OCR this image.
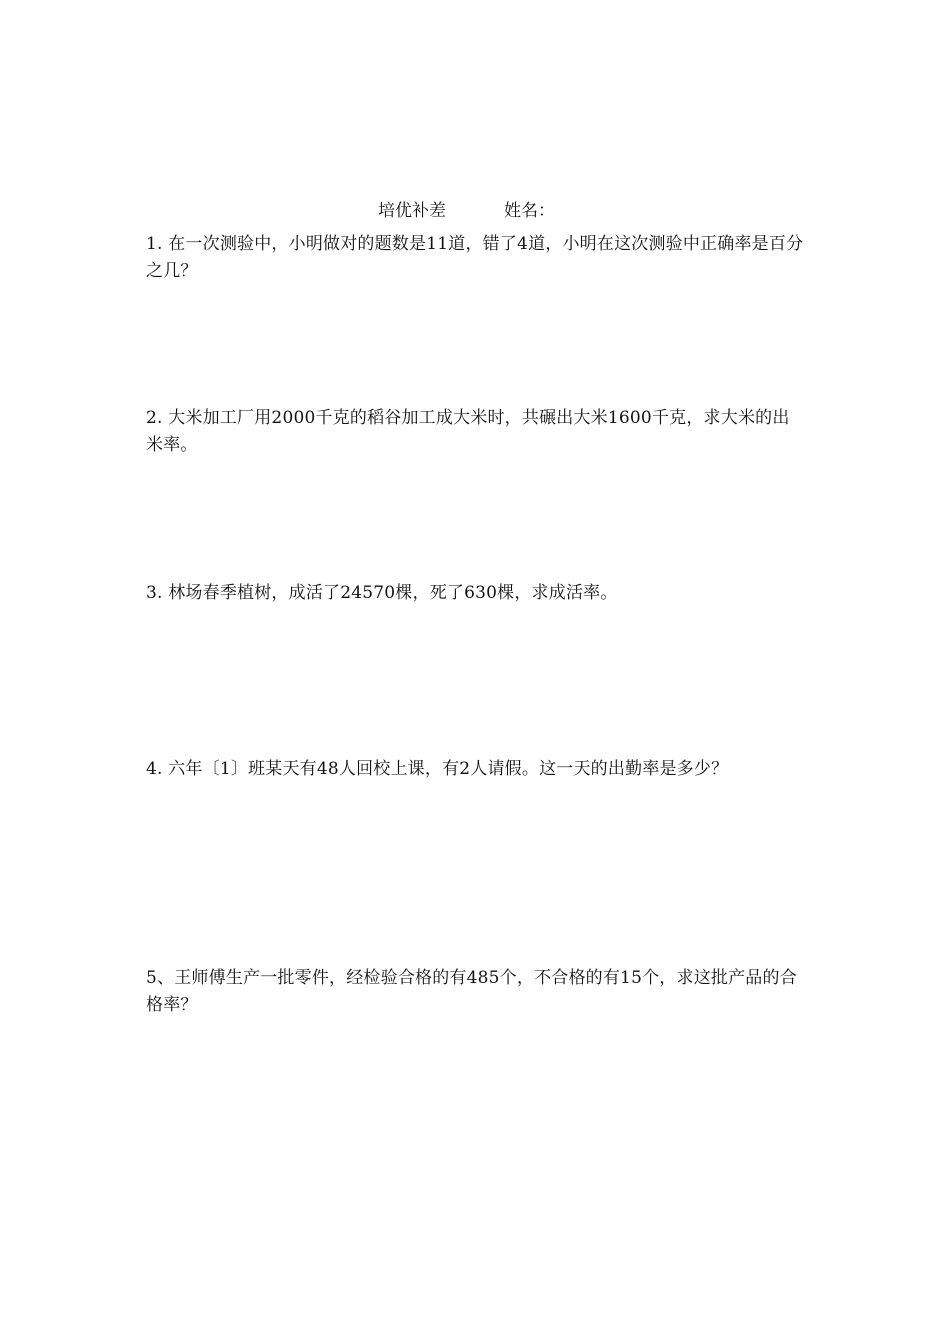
培优补差	姓名：
1. 在一次测验中，小明做对的题数是11道，错了4道，小明在这次测验中正确率是百分之几？
2. 大米加工厂用2000千克的稻谷加工成大米时，共碾出大米1600千克，求大米的出米率。
3. 林场春季植树，成活了24570棵，死了630棵，求成活率。
4. 六年〔1〕班某天有48人回校上课，有2人请假。这一天的出勤率是多少？
5、王师傅生产一批零件，经检验合格的有485个，不合格的有15个，求这批产品的合格率？
